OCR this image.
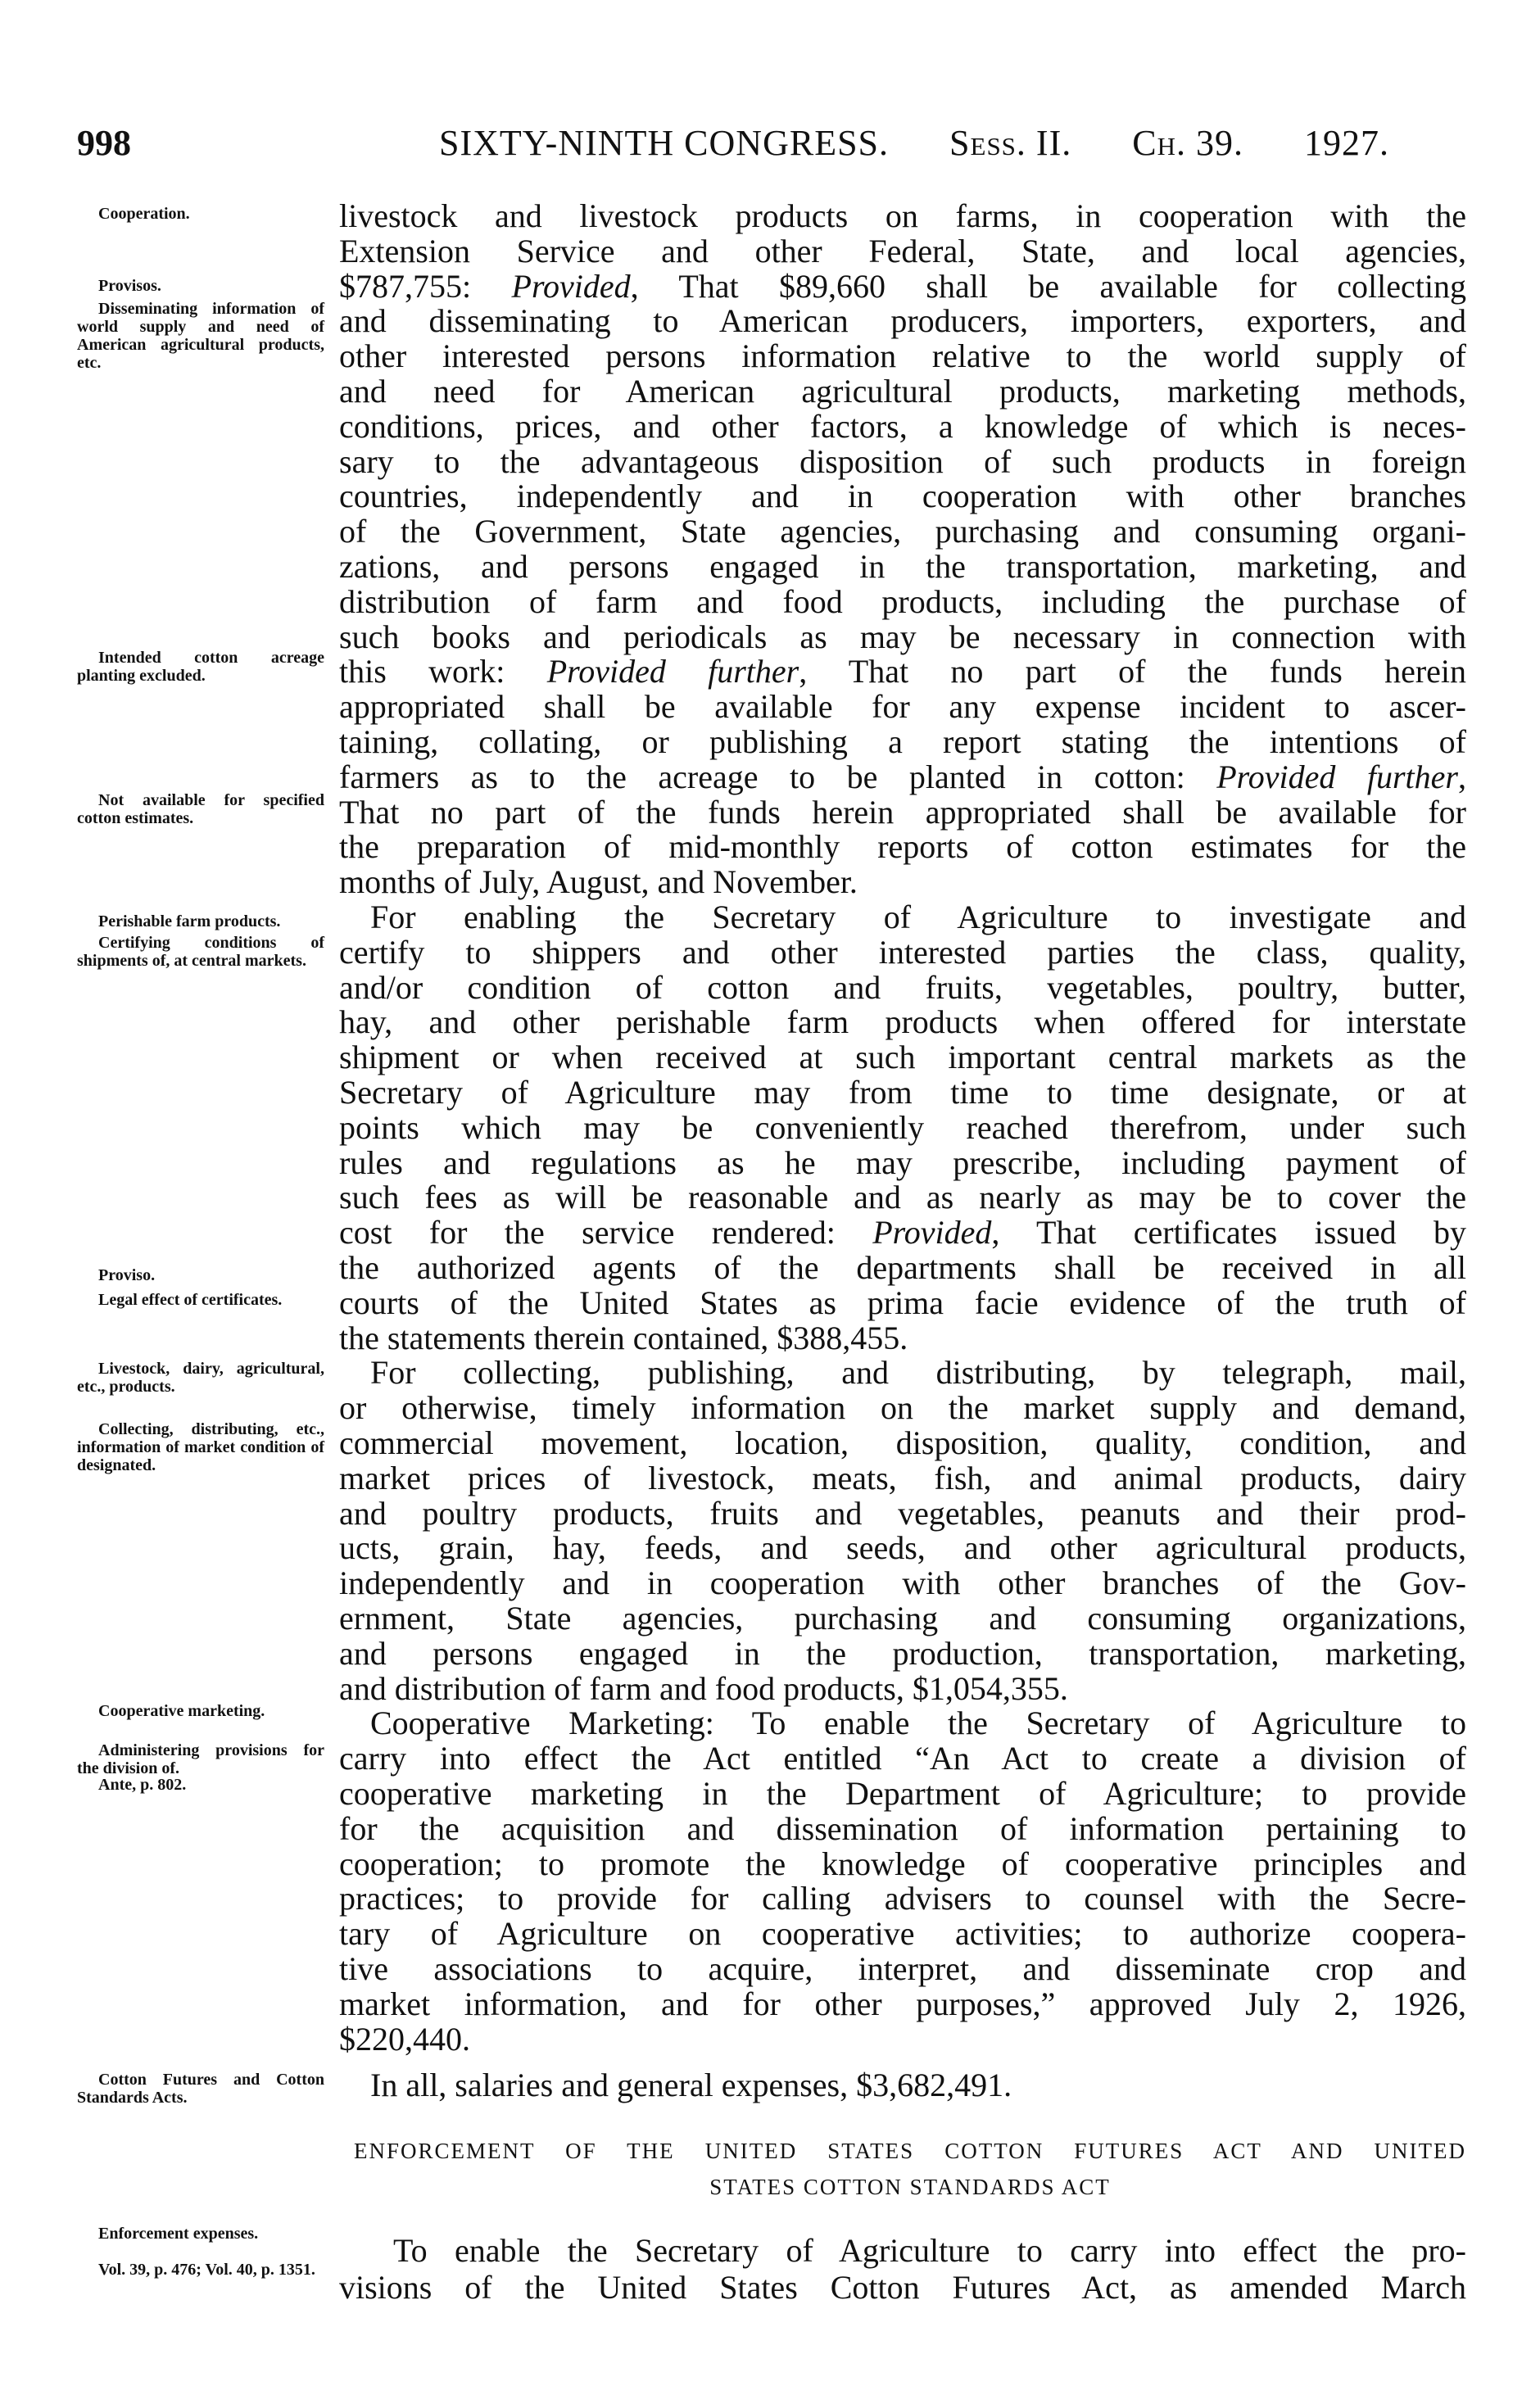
998	SIXTY-NINTH CONGRESS. Sess. II. Ch. 39. 1927.
Cooperation.
Provisos.
Disseminating information of world supply and need of American agricultural products, etc.
Intended cotton acreage planting excluded.
Not available for specified cotton estimates.
Perishable farm products.
Certifying conditions of shipments of, at central markets.
Proviso.
Legal effect of certificates.
Livestock, dairy, agricultural, etc., products.
Collecting, distributing, etc., information of market condition of designated.
Cooperative marketing.
Administering provisions for the division of.
Ante, p. 802.
Cotton Futures and Cotton Standards Acts.
Enforcement expenses.
Vol. 39, p. 476; Vol. 40, p. 1351.
livestock and livestock products on farms, in cooperation with the
Extension Service and other Federal, State, and local agencies,
$787,755: Provided, That $89,660 shall be available for collecting
and disseminating to American producers, importers, exporters, and
other interested persons information relative to the world supply of
and need for American agricultural products, marketing methods,
conditions, prices, and other factors, a knowledge of which is neces-
sary to the advantageous disposition of such products in foreign
countries, independently and in cooperation with other branches
of the Government, State agencies, purchasing and consuming organi-
zations, and persons engaged in the transportation, marketing, and
distribution of farm and food products, including the purchase of
such books and periodicals as may be necessary in connection with
this work: Provided further, That no part of the funds herein
appropriated shall be available for any expense incident to ascer-
taining, collating, or publishing a report stating the intentions of
farmers as to the acreage to be planted in cotton: Provided further,
That no part of the funds herein appropriated shall be available for
the preparation of mid-monthly reports of cotton estimates for the
months of July, August, and November.
For enabling the Secretary of Agriculture to investigate and
certify to shippers and other interested parties the class, quality,
and/or condition of cotton and fruits, vegetables, poultry, butter,
hay, and other perishable farm products when offered for interstate
shipment or when received at such important central markets as the
Secretary of Agriculture may from time to time designate, or at
points which may be conveniently reached therefrom, under such
rules and regulations as he may prescribe, including payment of
such fees as will be reasonable and as nearly as may be to cover the
cost for the service rendered: Provided, That certificates issued by
the authorized agents of the departments shall be received in all
courts of the United States as prima facie evidence of the truth of
the statements therein contained, $388,455.
For collecting, publishing, and distributing, by telegraph, mail,
or otherwise, timely information on the market supply and demand,
commercial movement, location, disposition, quality, condition, and
market prices of livestock, meats, fish, and animal products, dairy
and poultry products, fruits and vegetables, peanuts and their prod-
ucts, grain, hay, feeds, and seeds, and other agricultural products,
independently and in cooperation with other branches of the Gov-
ernment, State agencies, purchasing and consuming organizations,
and persons engaged in the production, transportation, marketing,
and distribution of farm and food products, $1,054,355.
Cooperative Marketing: To enable the Secretary of Agriculture to
carry into effect the Act entitled “An Act to create a division of
cooperative marketing in the Department of Agriculture; to provide
for the acquisition and dissemination of information pertaining to
cooperation; to promote the knowledge of cooperative principles and
practices; to provide for calling advisers to counsel with the Secre-
tary of Agriculture on cooperative activities; to authorize coopera-
tive associations to acquire, interpret, and disseminate crop and
market information, and for other purposes,” approved July 2, 1926,
$220,440.
In all, salaries and general expenses, $3,682,491.
ENFORCEMENT OF THE UNITED STATES COTTON FUTURES ACT AND UNITED
STATES COTTON STANDARDS ACT
To enable the Secretary of Agriculture to carry into effect the pro-
visions of the United States Cotton Futures Act, as amended March
